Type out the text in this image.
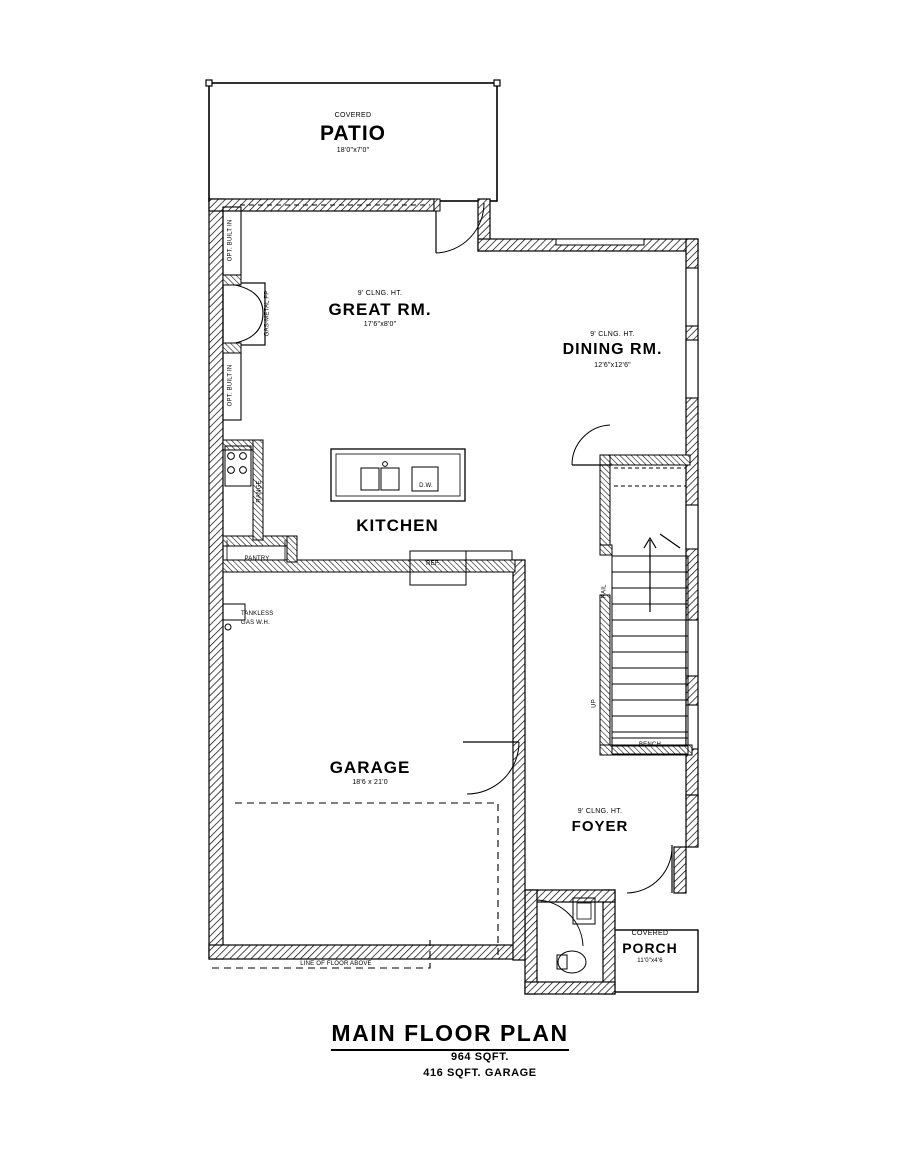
COVERED
PATIO
18'0"x7'0"
9' CLNG. HT.
GREAT RM.
17'6"x8'0"
9' CLNG. HT.
DINING RM.
12'6"x12'6"
KITCHEN
GARAGE
18'6 x 21'0
9' CLNG. HT.
FOYER
COVERED
PORCH
11'0"x4'6
OPT. BUILT IN
OPT. BUILT IN
GAS-METAL FP
RANGE
PANTRY
REF.
D.W.
TANKLESS
GAS W.H.
RAIL
BENCH
UP
LINE OF FLOOR ABOVE
MAIN FLOOR PLAN
964 SQFT.
416 SQFT. GARAGE
